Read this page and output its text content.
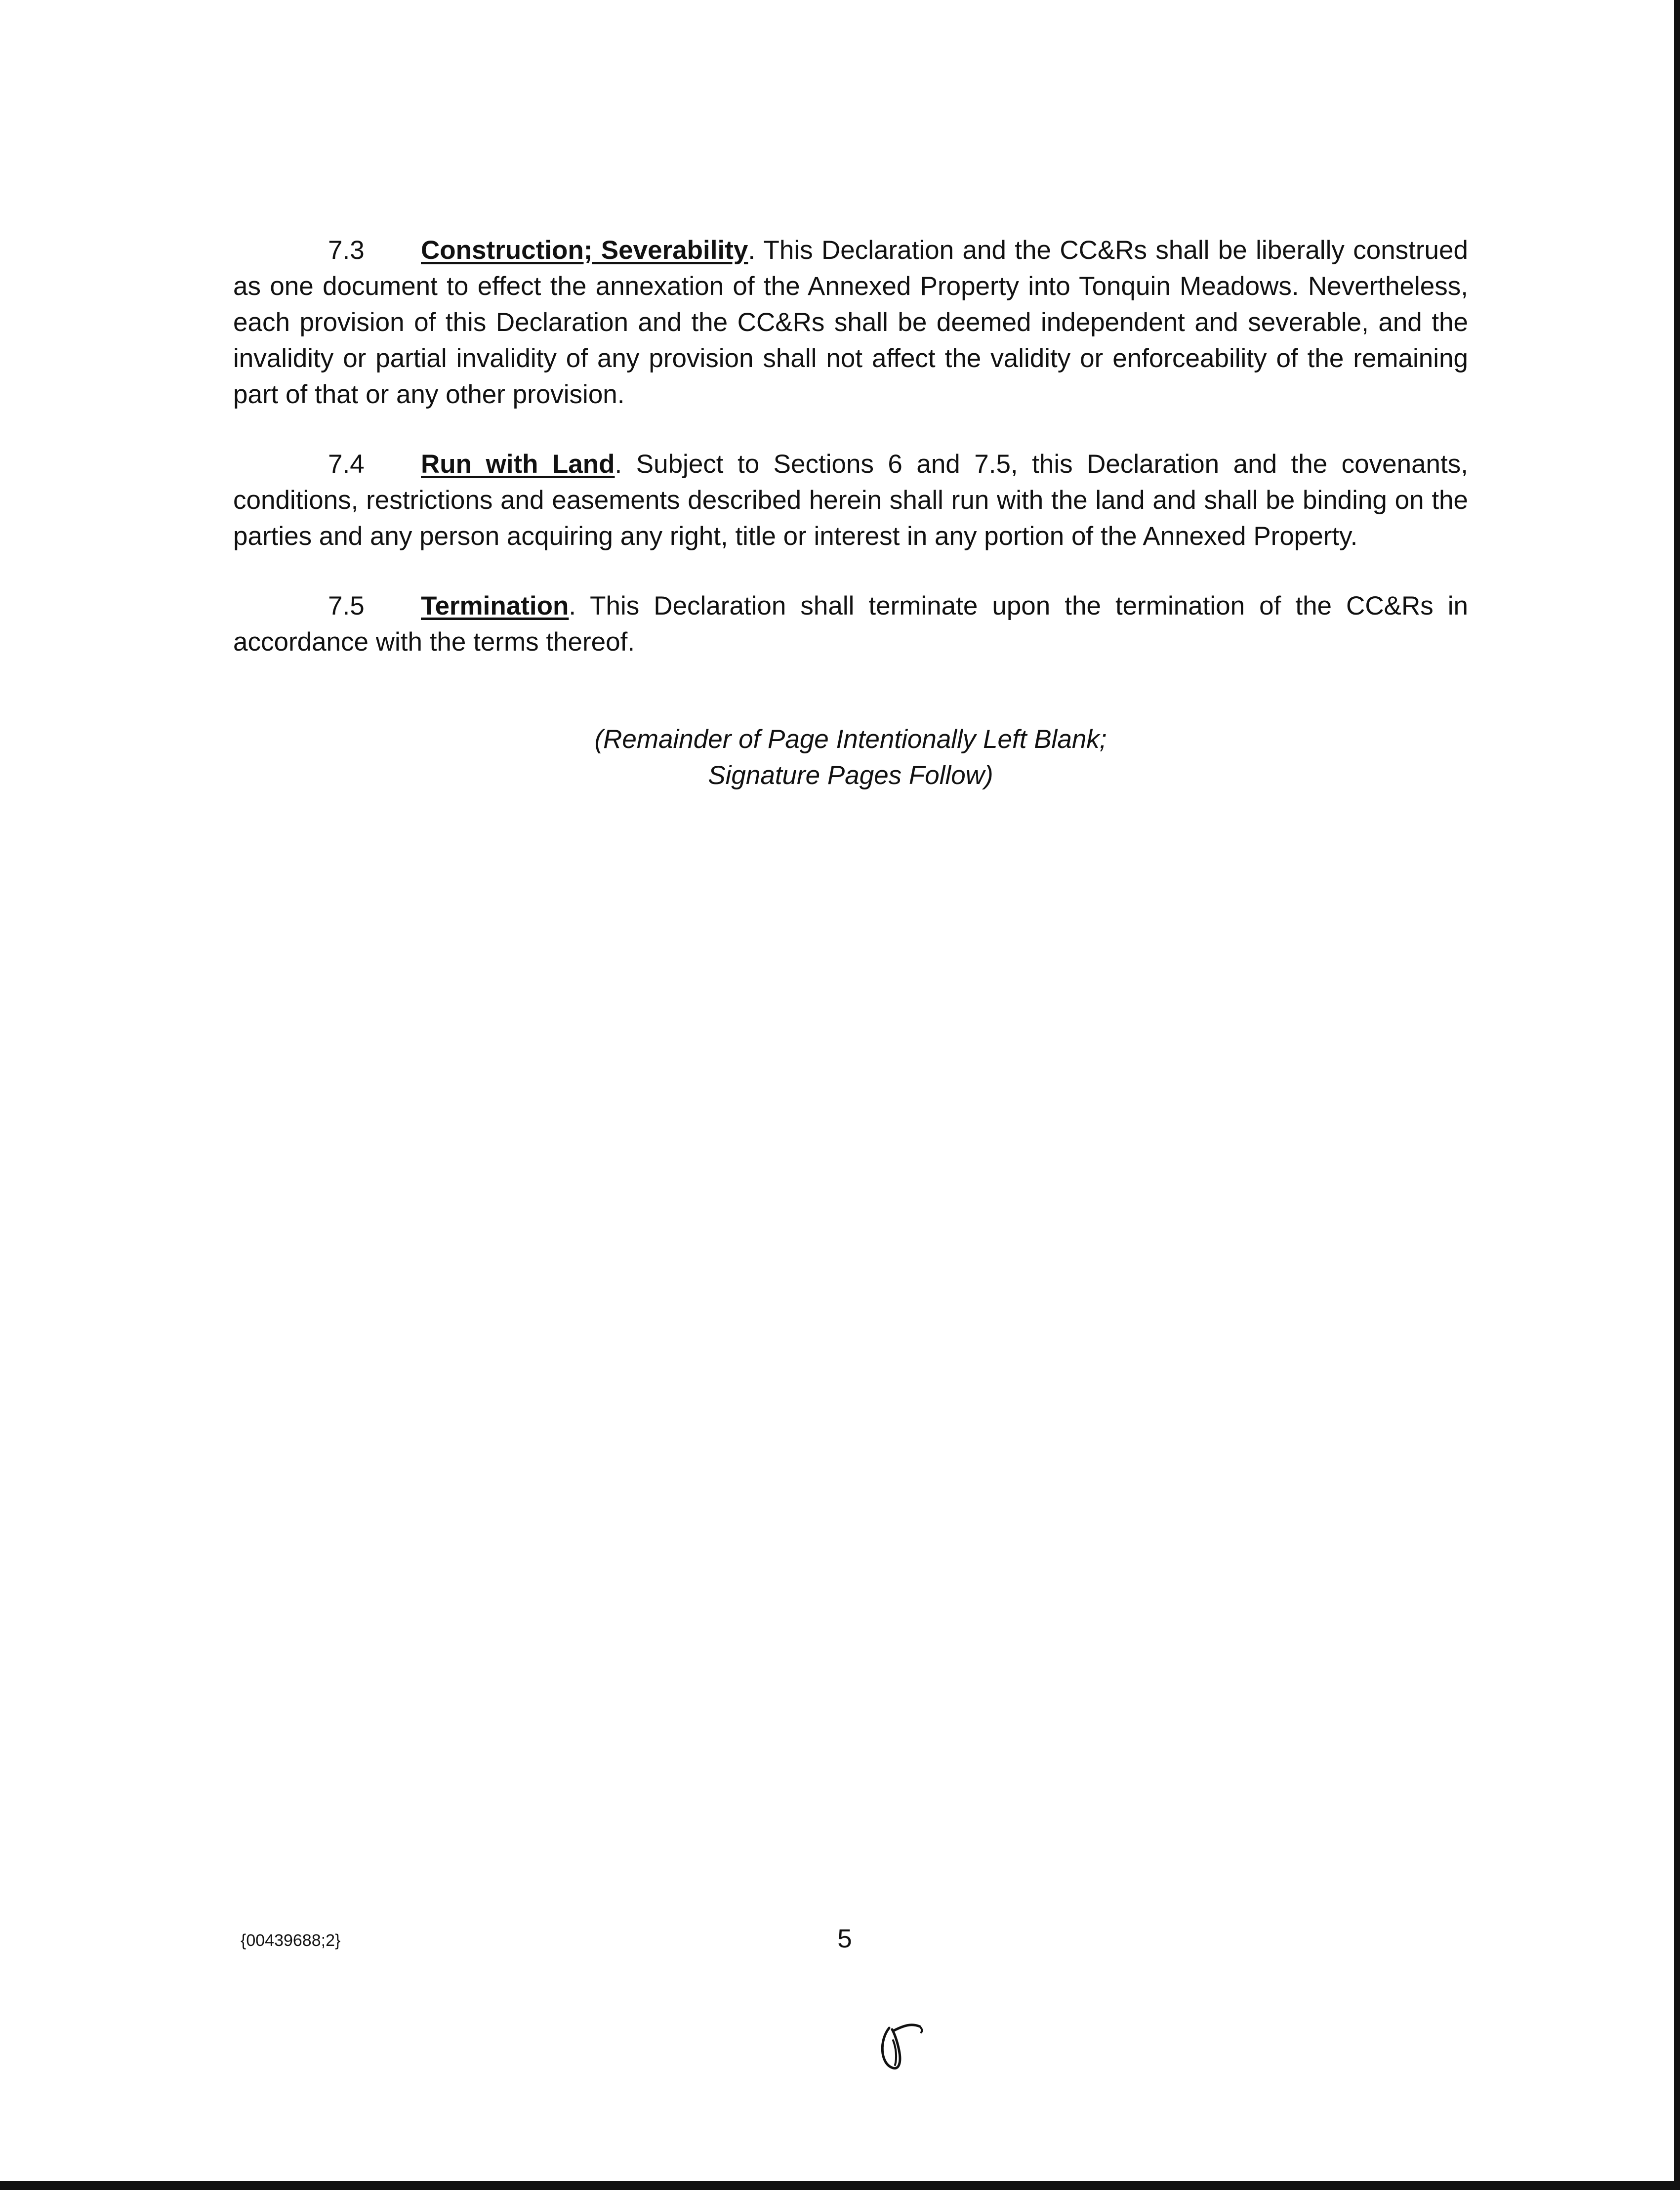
7.3 Construction; Severability. This Declaration and the CC&Rs shall be liberally construed as one document to effect the annexation of the Annexed Property into Tonquin Meadows. Nevertheless, each provision of this Declaration and the CC&Rs shall be deemed independent and severable, and the invalidity or partial invalidity of any provision shall not affect the validity or enforceability of the remaining part of that or any other provision.

7.4 Run with Land. Subject to Sections 6 and 7.5, this Declaration and the covenants, conditions, restrictions and easements described herein shall run with the land and shall be binding on the parties and any person acquiring any right, title or interest in any portion of the Annexed Property.

7.5 Termination. This Declaration shall terminate upon the termination of the CC&Rs in accordance with the terms thereof.

(Remainder of Page Intentionally Left Blank;
Signature Pages Follow)
{00439688;2}	5
